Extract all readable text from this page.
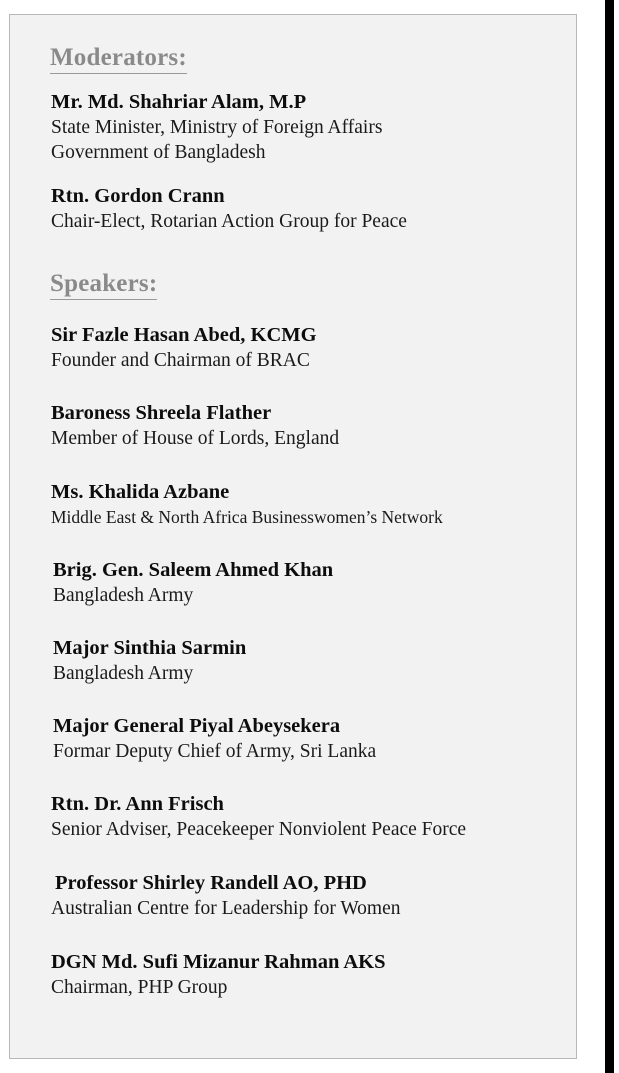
Moderators:
Mr. Md. Shahriar Alam, M.P
State Minister, Ministry of Foreign Affairs
Government of Bangladesh
Rtn. Gordon Crann
Chair-Elect, Rotarian Action Group for Peace
Speakers:
Sir Fazle Hasan Abed, KCMG
Founder and Chairman of BRAC
Baroness Shreela Flather
Member of House of Lords, England
Ms. Khalida Azbane
Middle East & North Africa Businesswomen’s Network
Brig. Gen. Saleem Ahmed Khan
Bangladesh Army
Major Sinthia Sarmin
Bangladesh Army
Major General Piyal Abeysekera
Formar Deputy Chief of Army, Sri Lanka
Rtn. Dr. Ann Frisch
Senior Adviser, Peacekeeper Nonviolent Peace Force
Professor Shirley Randell AO, PHD
Australian Centre for Leadership for Women
DGN Md. Sufi Mizanur Rahman AKS
Chairman, PHP Group
